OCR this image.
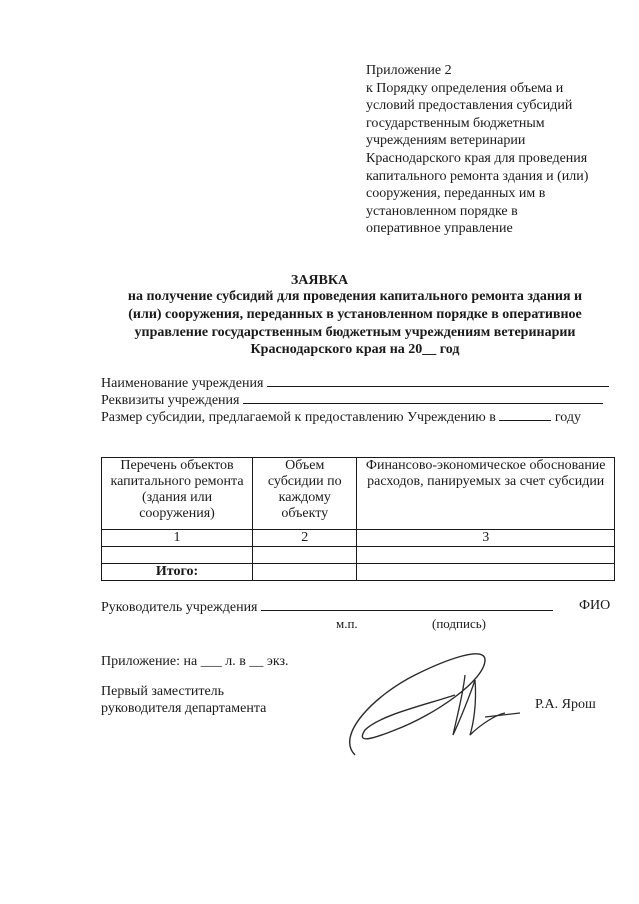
Приложение 2
к Порядку определения объема и
условий предоставления субсидий
государственным бюджетным
учреждениям ветеринарии
Краснодарского края для проведения
капитального ремонта здания и (или)
сооружения, переданных им в
установленном порядке в
оперативное управление
ЗАЯВКА
на получение субсидий для проведения капитального ремонта здания и
(или) сооружения, переданных в установленном порядке в оперативное
управление государственным бюджетным учреждениям ветеринарии
Краснодарского края на 20__ год
Наименование учреждения
Реквизиты учреждения
Размер субсидии, предлагаемой к предоставлению Учреждению в	году
Перечень объектов капитального ремонта (здания или сооружения)	Объем субсидии по каждому объекту	Финансово-экономическое обоснование расходов, панируемых за счет субсидии
1	2	3

Итого:		
Руководитель учреждения	ФИО
м.п.	(подпись)
Приложение: на ___ л. в __ экз.
Первый заместитель
руководителя департамента	Р.А. Ярош
